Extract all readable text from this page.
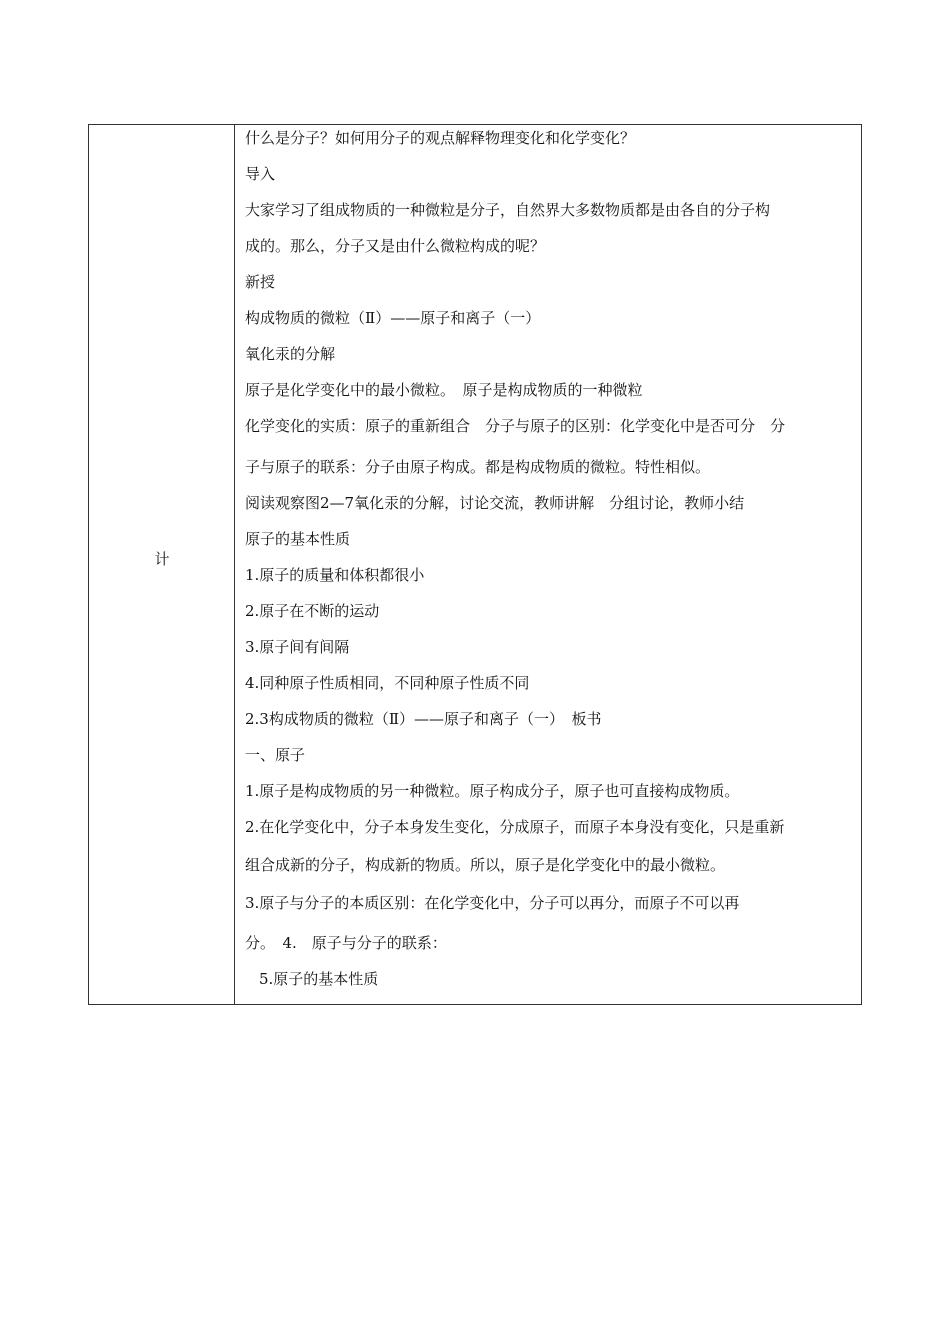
计
什么是分子？如何用分子的观点解释物理变化和化学变化？
导入
大家学习了组成物质的一种微粒是分子，自然界大多数物质都是由各自的分子构
成的。那么，分子又是由什么微粒构成的呢？
新授
构成物质的微粒（Ⅱ）——原子和离子（一）
氧化汞的分解
原子是化学变化中的最小微粒。　原子是构成物质的一种微粒
化学变化的实质：原子的重新组合　分子与原子的区别：化学变化中是否可分　分
子与原子的联系：分子由原子构成。都是构成物质的微粒。特性相似。
阅读观察图2—7氧化汞的分解，讨论交流，教师讲解　分组讨论，教师小结
原子的基本性质
1.原子的质量和体积都很小
2.原子在不断的运动
3.原子间有间隔
4.同种原子性质相同，不同种原子性质不同
2.3构成物质的微粒（Ⅱ）——原子和离子（一）　板书
一、原子
1.原子是构成物质的另一种微粒。原子构成分子，原子也可直接构成物质。
2.在化学变化中，分子本身发生变化，分成原子，而原子本身没有变化，只是重新
组合成新的分子，构成新的物质。所以，原子是化学变化中的最小微粒。
3.原子与分子的本质区别：在化学变化中，分子可以再分，而原子不可以再
分。　4.　原子与分子的联系：
5.原子的基本性质
